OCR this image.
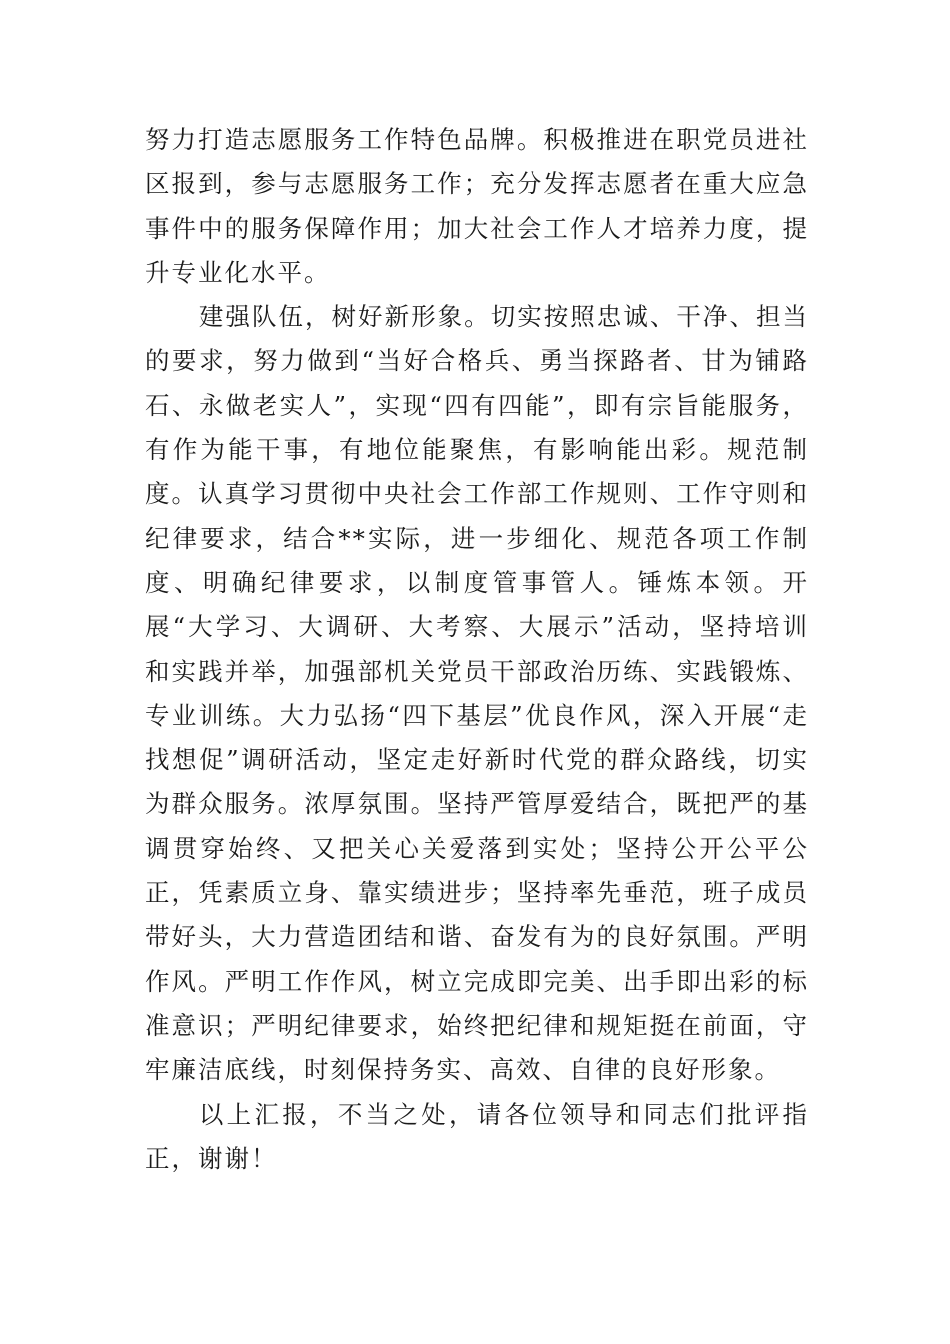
努力打造志愿服务工作特色品牌。积极推进在职党员进社区报到，参与志愿服务工作；充分发挥志愿者在重大应急事件中的服务保障作用；加大社会工作人才培养力度，提升专业化水平。

建强队伍，树好新形象。切实按照忠诚、干净、担当的要求，努力做到“当好合格兵、勇当探路者、甘为铺路石、永做老实人”，实现“四有四能”，即有宗旨能服务，有作为能干事，有地位能聚焦，有影响能出彩。规范制度。认真学习贯彻中央社会工作部工作规则、工作守则和纪律要求，结合**实际，进一步细化、规范各项工作制度、明确纪律要求，以制度管事管人。锤炼本领。开展“大学习、大调研、大考察、大展示”活动，坚持培训和实践并举，加强部机关党员干部政治历练、实践锻炼、专业训练。大力弘扬“四下基层”优良作风，深入开展“走找想促”调研活动，坚定走好新时代党的群众路线，切实为群众服务。浓厚氛围。坚持严管厚爱结合，既把严的基调贯穿始终、又把关心关爱落到实处；坚持公开公平公正，凭素质立身、靠实绩进步；坚持率先垂范，班子成员带好头，大力营造团结和谐、奋发有为的良好氛围。严明作风。严明工作作风，树立完成即完美、出手即出彩的标准意识；严明纪律要求，始终把纪律和规矩挺在前面，守牢廉洁底线，时刻保持务实、高效、自律的良好形象。

以上汇报，不当之处，请各位领导和同志们批评指正，谢谢！
